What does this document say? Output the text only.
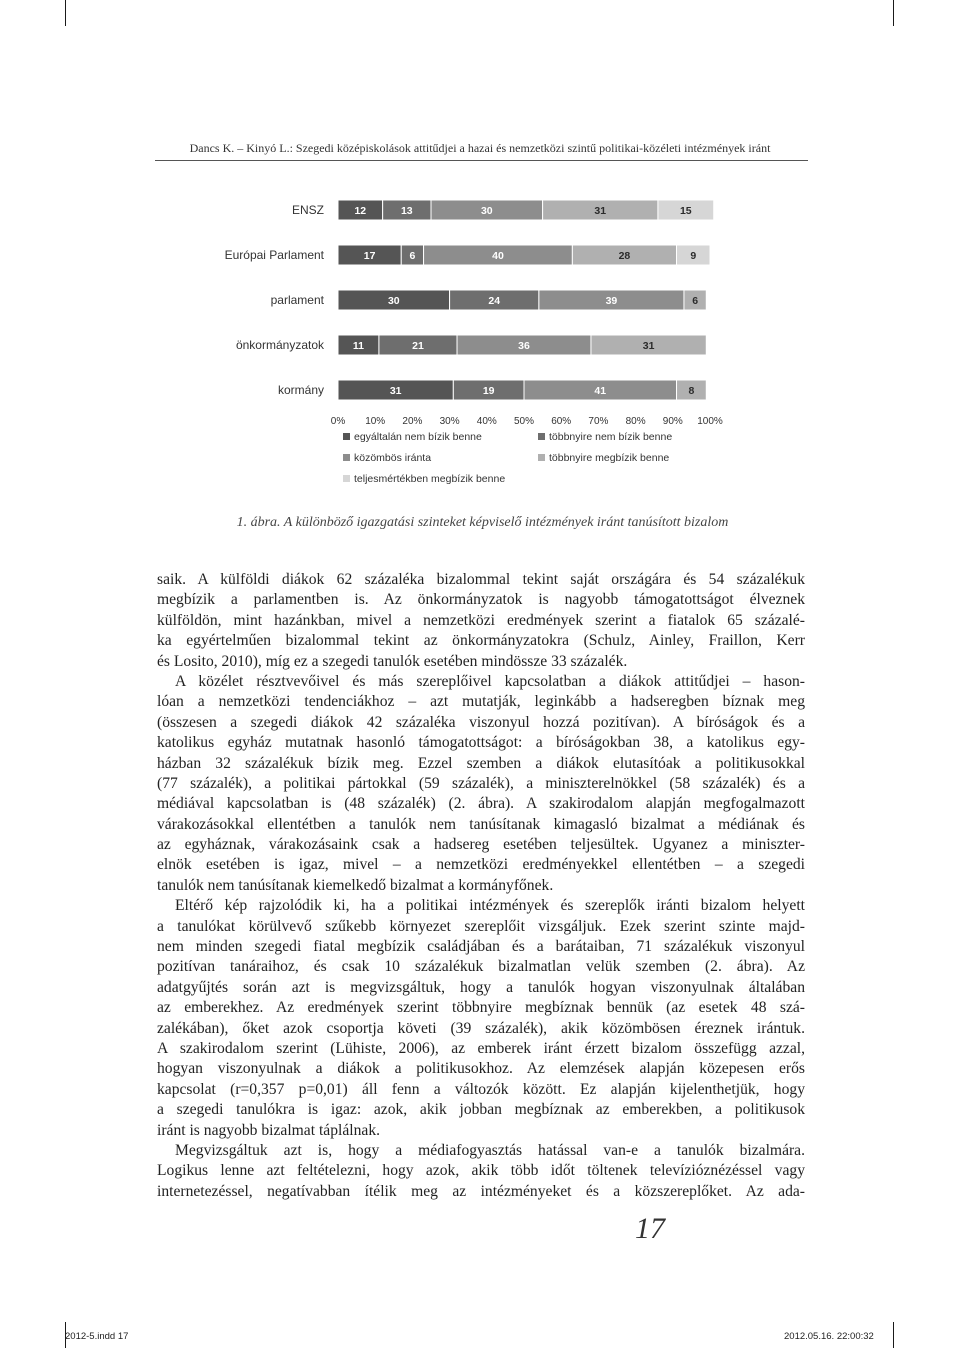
Dancs K. – Kinyó L.: Szegedi középiskolások attitűdjei a hazai és nemzetközi szintű politikai-közéleti intézmények iránt
ENSZ	12	13	30	31	15
Európai Parlament	17	6	40	28	9
parlament	30	24	39	6
önkormányzatok	11	21	36	31
kormány	31	19	41	8
0% 10% 20% 30% 40% 50% 60% 70% 80% 90% 100%
egyáltalán nem bízik benne	többnyire nem bízik benne
közömbös iránta	többnyire megbízik benne
teljesmértékben megbízik benne
1. ábra. A különböző igazgatási szinteket képviselő intézmények iránt tanúsított bizalom
saik. A külföldi diákok 62 százaléka bizalommal tekint saját országára és 54 százalékuk
megbízik a parlamentben is. Az önkormányzatok is nagyobb támogatottságot élveznek
külföldön, mint hazánkban, mivel a nemzetközi eredmények szerint a fiatalok 65 százalé-
ka egyértelműen bizalommal tekint az önkormányzatokra (Schulz, Ainley, Fraillon, Kerr
és Losito, 2010), míg ez a szegedi tanulók esetében mindössze 33 százalék.
A közélet résztvevőivel és más szereplőivel kapcsolatban a diákok attitűdjei – hason-
lóan a nemzetközi tendenciákhoz – azt mutatják, leginkább a hadseregben bíznak meg
(összesen a szegedi diákok 42 százaléka viszonyul hozzá pozitívan). A bíróságok és a
katolikus egyház mutatnak hasonló támogatottságot: a bíróságokban 38, a katolikus egy-
házban 32 százalékuk bízik meg. Ezzel szemben a diákok elutasítóak a politikusokkal
(77 százalék), a politikai pártokkal (59 százalék), a miniszterelnökkel (58 százalék) és a
médiával kapcsolatban is (48 százalék) (2. ábra). A szakirodalom alapján megfogalmazott
várakozásokkal ellentétben a tanulók nem tanúsítanak kimagasló bizalmat a médiának és
az egyháznak, várakozásaink csak a hadsereg esetében teljesültek. Ugyanez a miniszter-
elnök esetében is igaz, mivel – a nemzetközi eredményekkel ellentétben – a szegedi
tanulók nem tanúsítanak kiemelkedő bizalmat a kormányfőnek.
Eltérő kép rajzolódik ki, ha a politikai intézmények és szereplők iránti bizalom helyett
a tanulókat körülvevő szűkebb környezet szereplőit vizsgáljuk. Ezek szerint szinte majd-
nem minden szegedi fiatal megbízik családjában és a barátaiban, 71 százalékuk viszonyul
pozitívan tanáraihoz, és csak 10 százalékuk bizalmatlan velük szemben (2. ábra). Az
adatgyűjtés során azt is megvizsgáltuk, hogy a tanulók hogyan viszonyulnak általában
az emberekhez. Az eredmények szerint többnyire megbíznak bennük (az esetek 48 szá-
zalékában), őket azok csoportja követi (39 százalék), akik közömbösen éreznek irántuk.
A szakirodalom szerint (Lühiste, 2006), az emberek iránt érzett bizalom összefügg azzal,
hogyan viszonyulnak a diákok a politikusokhoz. Az elemzések alapján közepesen erős
kapcsolat (r=0,357 p=0,01) áll fenn a változók között. Ez alapján kijelenthetjük, hogy
a szegedi tanulókra is igaz: azok, akik jobban megbíznak az emberekben, a politikusok
iránt is nagyobb bizalmat táplálnak.
Megvizsgáltuk azt is, hogy a médiafogyasztás hatással van-e a tanulók bizalmára.
Logikus lenne azt feltételezni, hogy azok, akik több időt töltenek televízióznézéssel vagy
internetezéssel, negatívabban ítélik meg az intézményeket és a közszereplőket. Az ada-
17
2012-5.indd 17	2012.05.16. 22:00:32
